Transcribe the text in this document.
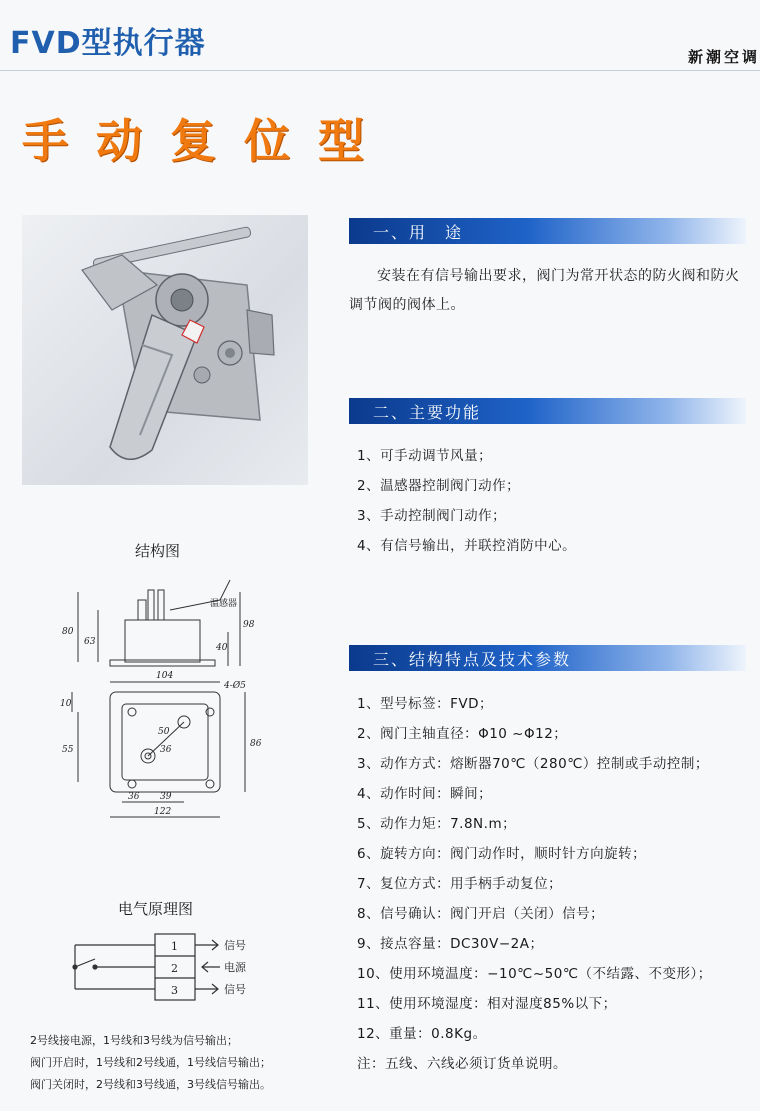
FVD型执行器	新潮空调
手动复位型
一、用　途
安装在有信号输出要求，阀门为常开状态的防火阀和防火调节阀的阀体上。
二、主要功能
1、可手动调节风量；
2、温感器控制阀门动作；
3、手动控制阀门动作；
4、有信号输出，并联控消防中心。
三、结构特点及技术参数
1、型号标签：FVD；
2、阀门主轴直径：Φ10 ~Φ12；
3、动作方式：熔断器70℃（280℃）控制或手动控制；
4、动作时间：瞬间；
5、动作力矩：7.8N.m；
6、旋转方向：阀门动作时，顺时针方向旋转；
7、复位方式：用手柄手动复位；
8、信号确认：阀门开启（关闭）信号；
9、接点容量：DC30V−2A；
10、使用环境温度：−10℃~50℃（不结露、不变形）；
11、使用环境湿度：相对湿度85%以下；
12、重量：0.8Kg。
注：五线、六线必须订货单说明。
结构图
温感器
80
63
98
40
104
4-Ø5
10
50
36
55
86
36 39
122
电气原理图
1
2
3
信号
电源
信号
2号线接电源，1号线和3号线为信号输出；
阀门开启时，1号线和2号线通，1号线信号输出；
阀门关闭时，2号线和3号线通，3号线信号输出。
